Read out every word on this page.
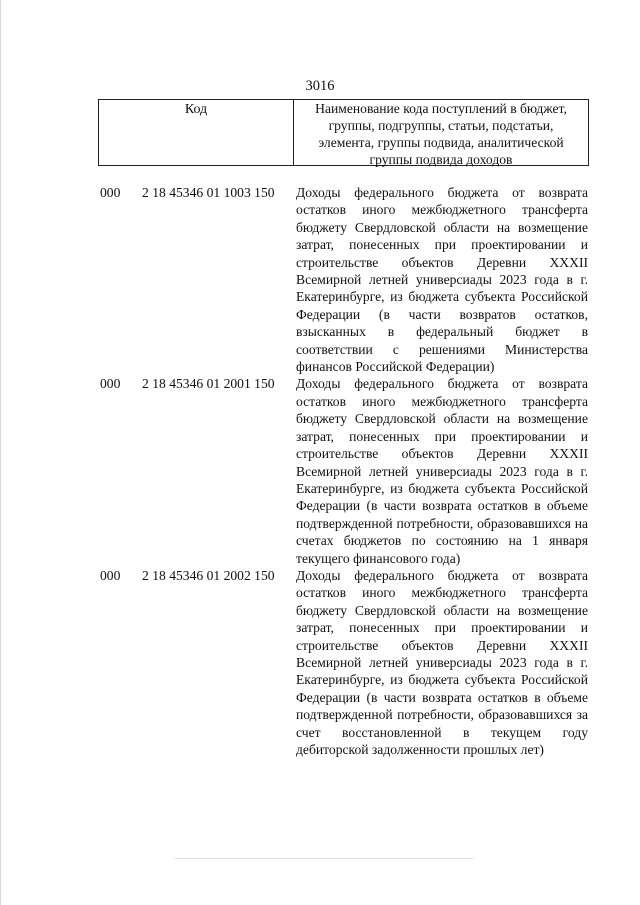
3016
Код	Наименование кода поступлений в бюджет, группы, подгруппы, статьи, подстатьи, элемента, группы подвида, аналитической группы подвида доходов
000	2 18 45346 01 1003 150	Доходы федерального бюджета от возврата остатков иного межбюджетного трансферта бюджету Свердловской области на возмещение затрат, понесенных при проектировании и строительстве объектов Деревни XXXII Всемирной летней универсиады 2023 года в г. Екатеринбурге, из бюджета субъекта Российской Федерации (в части возвратов остатков, взысканных в федеральный бюджет в соответствии с решениями Министерства финансов Российской Федерации)
000	2 18 45346 01 2001 150	Доходы федерального бюджета от возврата остатков иного межбюджетного трансферта бюджету Свердловской области на возмещение затрат, понесенных при проектировании и строительстве объектов Деревни XXXII Всемирной летней универсиады 2023 года в г. Екатеринбурге, из бюджета субъекта Российской Федерации (в части возврата остатков в объеме подтвержденной потребности, образовавшихся на счетах бюджетов по состоянию на 1 января текущего финансового года)
000	2 18 45346 01 2002 150	Доходы федерального бюджета от возврата остатков иного межбюджетного трансферта бюджету Свердловской области на возмещение затрат, понесенных при проектировании и строительстве объектов Деревни XXXII Всемирной летней универсиады 2023 года в г. Екатеринбурге, из бюджета субъекта Российской Федерации (в части возврата остатков в объеме подтвержденной потребности, образовавшихся за счет восстановленной в текущем году дебиторской задолженности прошлых лет)
